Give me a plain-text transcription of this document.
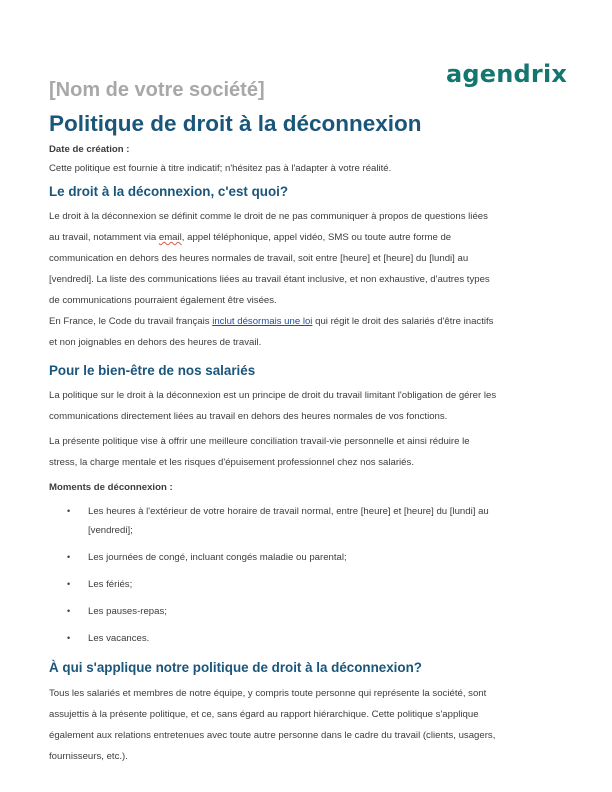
agendrix
[Nom de votre société]
Politique de droit à la déconnexion

Date de création :

Cette politique est fournie à titre indicatif; n'hésitez pas à l'adapter à votre réalité.

Le droit à la déconnexion, c'est quoi?

Le droit à la déconnexion se définit comme le droit de ne pas communiquer à propos de questions liées

au travail, notamment via email, appel téléphonique, appel vidéo, SMS ou toute autre forme de

communication en dehors des heures normales de travail, soit entre [heure] et [heure] du [lundi] au

[vendredi]. La liste des communications liées au travail étant inclusive, et non exhaustive, d'autres types

de communications pourraient également être visées.

En France, le Code du travail français inclut désormais une loi qui régit le droit des salariés d'être inactifs

et non joignables en dehors des heures de travail.

Pour le bien-être de nos salariés

La politique sur le droit à la déconnexion est un principe de droit du travail limitant l'obligation de gérer les

communications directement liées au travail en dehors des heures normales de vos fonctions.

La présente politique vise à offrir une meilleure conciliation travail-vie personnelle et ainsi réduire le

stress, la charge mentale et les risques d'épuisement professionnel chez nos salariés.

Moments de déconnexion :

• Les heures à l'extérieur de votre horaire de travail normal, entre [heure] et [heure] du [lundi] au
[vendredi];
• Les journées de congé, incluant congés maladie ou parental;
• Les fériés;
• Les pauses-repas;
• Les vacances.
À qui s'applique notre politique de droit à la déconnexion?

Tous les salariés et membres de notre équipe, y compris toute personne qui représente la société, sont

assujettis à la présente politique, et ce, sans égard au rapport hiérarchique. Cette politique s'applique

également aux relations entretenues avec toute autre personne dans le cadre du travail (clients, usagers,

fournisseurs, etc.).
